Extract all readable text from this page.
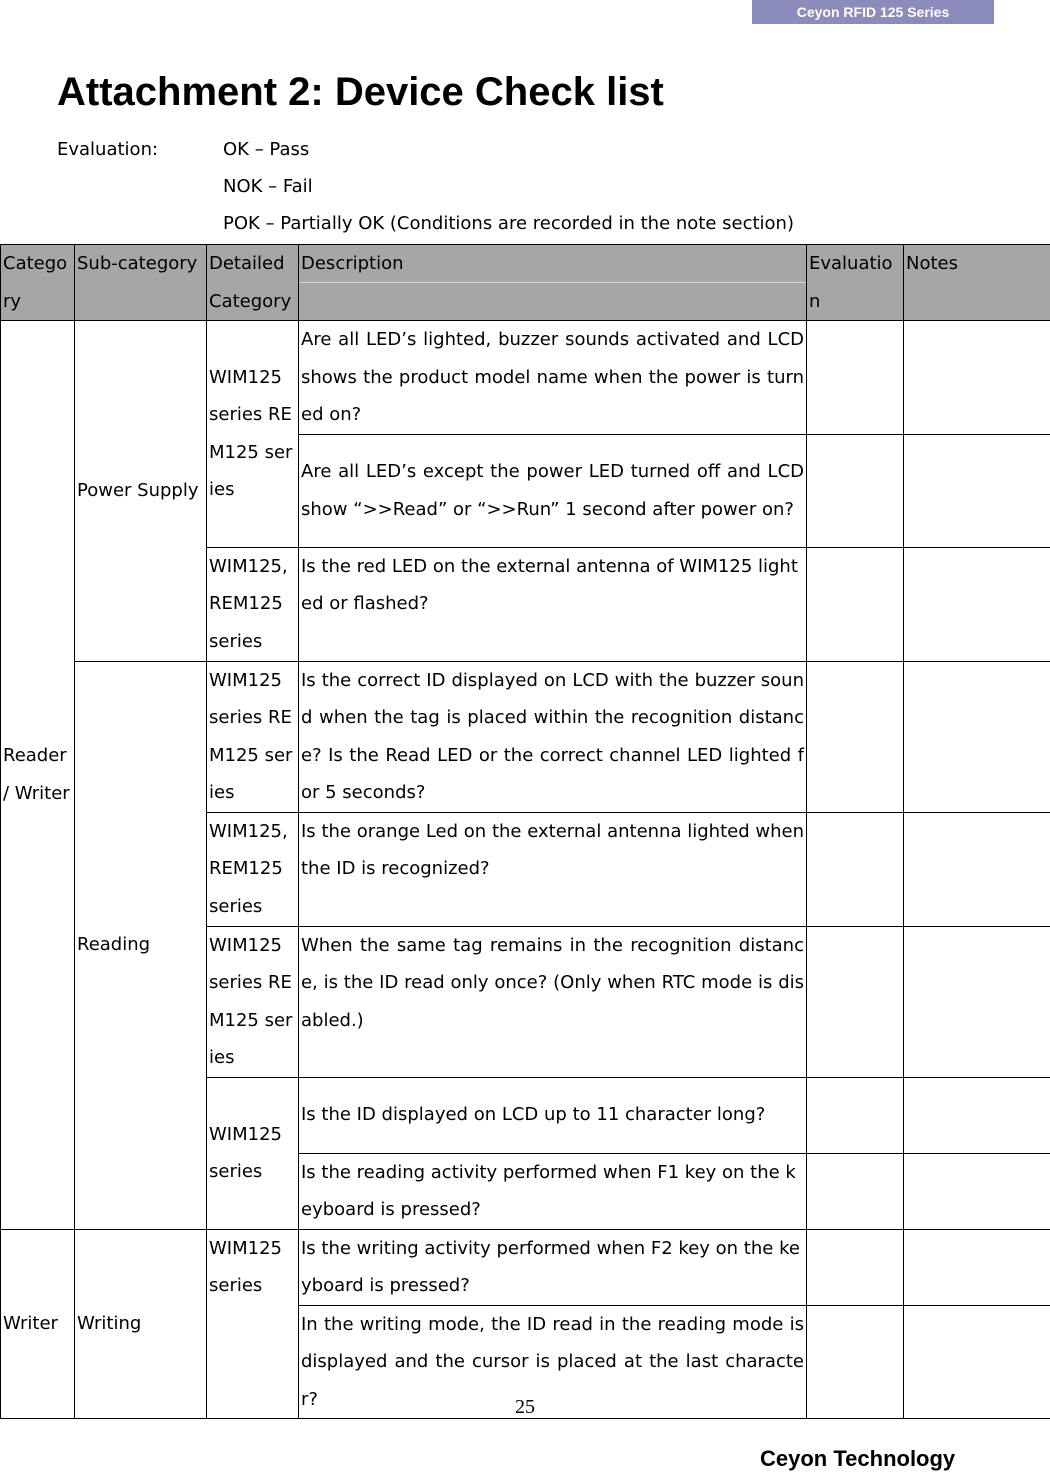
Ceyon RFID 125 Series
Attachment 2: Device Check list
Evaluation:	OK – Pass
NOK – Fail
POK – Partially OK (Conditions are recorded in the note section)
Category	Sub-category	Detailed Category	Description	Evaluation	Notes
Reader / Writer	Power Supply	WIM125 series REM125 series	Are all LED’s lighted, buzzer sounds activated and LCD shows the product model name when the power is turned on?		
			Are all LED’s except the power LED turned off and LCD show “>>Read” or “>>Run” 1 second after power on?		
		WIM125, REM125 series	Is the red LED on the external antenna of WIM125 lighted or flashed?		
	Reading	WIM125 series REM125 series	Is the correct ID displayed on LCD with the buzzer sound when the tag is placed within the recognition distance? Is the Read LED or the correct channel LED lighted for 5 seconds?		
		WIM125, REM125 series	Is the orange Led on the external antenna lighted when the ID is recognized?		
		WIM125 series REM125 series	When the same tag remains in the recognition distance, is the ID read only once? (Only when RTC mode is disabled.)		
		WIM125 series	Is the ID displayed on LCD up to 11 character long?		
			Is the reading activity performed when F1 key on the keyboard is pressed?		
Writer	Writing	WIM125 series	Is the writing activity performed when F2 key on the keyboard is pressed?		
			In the writing mode, the ID read in the reading mode is displayed and the cursor is placed at the last character?			25
Ceyon Technology
